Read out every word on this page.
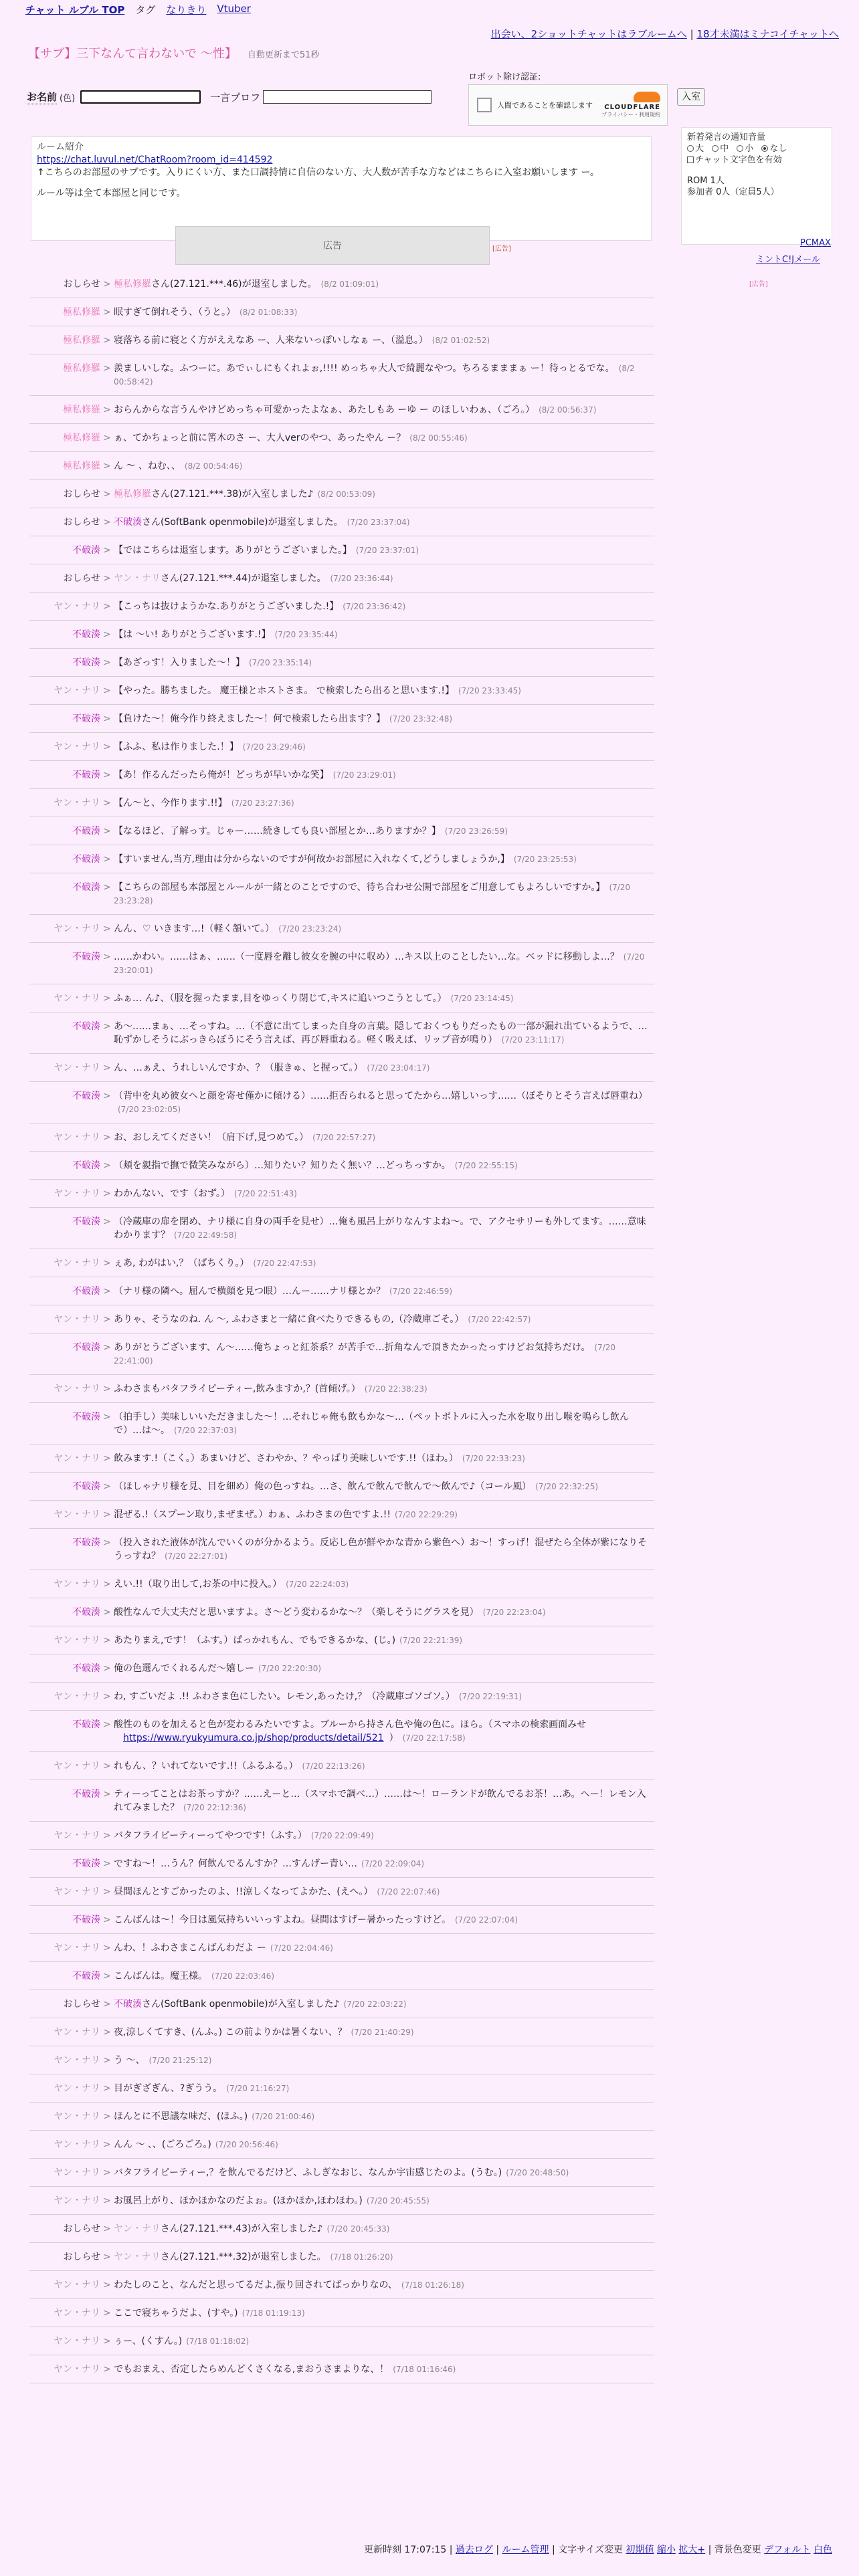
チャット ルブル TOP タグ なりきり Vtuber
出会い、2ショットチャットはラブルームへ | 18才未満はミナコイチャットへ
【サブ】三下なんて言わないで ～性】 自動更新まで51秒
ロボット除け認証:
お名前 (色)	一言プロフ
人間であることを確認します	CLOUDFLARE
プライバシー・利用規約
入室
ルーム紹介
https://chat.luvul.net/ChatRoom?room_id=414592
↑こちらのお部屋のサブです。入りにくい方、また口調持情に自信のない方、大人数が苦手な方などはこちらに入室お願いします ー。
ルール等は全て本部屋と同じです。
新着発言の通知音量
大 中 小 なし
チャット文字色を有効
ROM 1人
参加者 0人（定員5人）
PCMAX
ミントC!Jメール
[広告]
広告	[広告]
おしらせ > 極私修羅さん(27.121.***.46)が退室しました。 (8/2 01:09:01)
極私修羅 > 眠すぎて倒れそう、（うと。） (8/2 01:08:33)
極私修羅 > 寝落ちる前に寝とく方がええなあ ー、人来ないっぽいしなぁ ー、（溢息。） (8/2 01:02:52)
極私修羅 > 羨ましいしな。ふつーに。あでぃしにもくれよぉ,!!!! めっちゃ大人で綺麗なやつ。ちろるまままぁ ー！待っとるでな。 (8/2 00:58:42)
極私修羅 > おらんからな言うんやけどめっちゃ可愛かったよなぁ、あたしもあ ーゆ ー のほしいわぁ、（ごろ。） (8/2 00:56:37)
極私修羅 > ぁ、てかちょっと前に筈木のさ ー、大人verのやつ、あったやん ー？ (8/2 00:55:46)
極私修羅 > ん ～ 、ねむ、、 (8/2 00:54:46)
おしらせ > 極私修羅さん(27.121.***.38)が入室しました♪ (8/2 00:53:09)
おしらせ > 不破湊さん(SoftBank openmobile)が退室しました。 (7/20 23:37:04)
不破湊 > 【ではこちらは退室します。ありがとうございました。】 (7/20 23:37:01)
おしらせ > ヤン・ナリさん(27.121.***.44)が退室しました。 (7/20 23:36:44)
ヤン・ナリ > 【こっちは抜けようかな.ありがとうございました.!】 (7/20 23:36:42)
不破湊 > 【は ～い! ありがとうございます.!】 (7/20 23:35:44)
不破湊 > 【あざっす！入りました〜！】 (7/20 23:35:14)
ヤン・ナリ > 【やった。勝ちました。 魔王様とホストさま。 で検索したら出ると思います.!】 (7/20 23:33:45)
不破湊 > 【負けた〜！俺今作り終えました〜！何で検索したら出ます？】 (7/20 23:32:48)
ヤン・ナリ > 【ふふ、私は作りました.！】 (7/20 23:29:46)
不破湊 > 【あ！作るんだったら俺が！どっちが早いかな笑】 (7/20 23:29:01)
ヤン・ナリ > 【ん～と、今作ります.!!】 (7/20 23:27:36)
不破湊 > 【なるほど、了解っす。じゃー……続きしても良い部屋とか…ありますか？】 (7/20 23:26:59)
不破湊 > 【すいません,当方,理由は分からないのですが何故かお部屋に入れなくて,どうしましょうか,】 (7/20 23:25:53)
不破湊 > 【こちらの部屋も本部屋とルールが一緒とのことですので、待ち合わせ公開で部屋をご用意してもよろしいですか。】 (7/20 23:23:28)
ヤン・ナリ > んん、♡ いきます…!（軽く頷いて。） (7/20 23:23:24)
不破湊 > ……かわい。……はぁ、……（一度唇を離し彼女を腕の中に収め）…キス以上のことしたい…な。ベッドに移動しよ…？ (7/20 23:20:01)
ヤン・ナリ > ふぁ… ん♪、（服を握ったまま,目をゆっくり閉じて,キスに追いつこうとして。） (7/20 23:14:45)
不破湊 > あ〜……まぁ、…そっすね。…（不意に出てしまった自身の言葉。隠しておくつもりだったもの一部が漏れ出ているようで、…恥ずかしそうにぶっきらぼうにそう言えば、再び唇重ねる。軽く吸えば、リップ音が鳴り） (7/20 23:11:17)
ヤン・ナリ > ん、…ぁえ、うれしいんですか、？（服きゅ、と握って。） (7/20 23:04:17)
不破湊 > （背中を丸め彼女へと顔を寄せ僅かに傾ける）……拒否られると思ってたから…嬉しいっす……（ぼそりとそう言えば唇重ね）(7/20 23:02:05)
ヤン・ナリ > お、おしえてください！（肩下げ,見つめて。） (7/20 22:57:27)
不破湊 > （頬を親指で撫で微笑みながら）…知りたい？知りたく無い？…どっちっすか。 (7/20 22:55:15)
ヤン・ナリ > わかんない、です（おず。） (7/20 22:51:43)
不破湊 > （冷蔵庫の扉を閉め、ナリ様に自身の両手を見せ）…俺も風呂上がりなんすよね〜。で、アクセサリーも外してます。……意味わかります？ (7/20 22:49:58)
ヤン・ナリ > ぇあ, わがはい,？（ぱちくり。） (7/20 22:47:53)
不破湊 > （ナリ様の隣へ。屈んで横顔を見つ眼）…んー……ナリ様とか？ (7/20 22:46:59)
ヤン・ナリ > ありゃ、そうなのね. ん ～, ふわさまと一緒に食べたりできるもの,（冷蔵庫ごそ。） (7/20 22:42:57)
不破湊 > ありがとうございます、ん〜……俺ちょっと紅茶系？が苦手で…折角なんで頂きたかったっすけどお気持ちだけ。 (7/20 22:41:00)
ヤン・ナリ > ふわさまもバタフライピーティー,飲みますか,？(首傾げ。） (7/20 22:38:23)
不破湊 > （拍手し）美味しいいただきました〜！…それじゃ俺も飲もかな〜…（ペットボトルに入った水を取り出し喉を鳴らし飲んで）…は〜。 (7/20 22:37:03)
ヤン・ナリ > 飲みます.!（こく。）あまいけど、さわやか、？やっぱり美味しいです.!!（ほわ。） (7/20 22:33:23)
不破湊 > （ほしゃナリ様を見、目を細め）俺の色っすね。…さ、飲んで飲んで飲んで〜飲んで♪（コール風） (7/20 22:32:25)
ヤン・ナリ > 混ぜる.!（スプーン取り,まぜまぜ。）わぁ、ふわさまの色ですよ.!! (7/20 22:29:29)
不破湊 > （投入された液体が沈んでいくのが分かるよう。反応し色が鮮やかな青から紫色へ）お〜！すっげ！混ぜたら全体が紫になりそうっすね？ (7/20 22:27:01)
ヤン・ナリ > えい.!!（取り出して,お茶の中に投入。） (7/20 22:24:03)
不破湊 > 酸性なんで大丈夫だと思いますよ。さ〜どう変わるかな〜？（楽しそうにグラスを見） (7/20 22:23:04)
ヤン・ナリ > あたりまえ,です！（ふす。）ぱっかれもん、でもできるかな、(じ。) (7/20 22:21:39)
不破湊 > 俺の色選んでくれるんだ〜嬉しー (7/20 22:20:30)
ヤン・ナリ > わ, すごいだよ .!! ふわさま色にしたい。レモン,あったけ,？（冷蔵庫ゴソゴソ。） (7/20 22:19:31)
不破湊 > 酸性のものを加えると色が変わるみたいですよ。ブルーから持さん色や俺の色に。ほら。（スマホの検索画面みせhttps://www.ryukyumura.co.jp/shop/products/detail/521 ） (7/20 22:17:58)
ヤン・ナリ > れもん、？いれてないです.!!（ふるふる。） (7/20 22:13:26)
不破湊 > ティーってことはお茶っすか？……えーと…（スマホで調べ…）……は〜！ローランドが飲んでるお茶！…あ。へー！レモン入れてみました？ (7/20 22:12:36)
ヤン・ナリ > バタフライピーティーってやつです!（ふす。） (7/20 22:09:49)
不破湊 > ですね〜！…うん？何飲んでるんすか？…すんげー青い… (7/20 22:09:04)
ヤン・ナリ > 昼間ほんとすごかったのよ、!!涼しくなってよかた、(えへ。） (7/20 22:07:46)
不破湊 > こんばんは〜！今日は風気持ちいいっすよね。昼間はすげー暑かったっすけど。 (7/20 22:07:04)
ヤン・ナリ > んわ、！ふわさまこんばんわだよ ー (7/20 22:04:46)
不破湊 > こんばんは。魔王様。 (7/20 22:03:46)
おしらせ > 不破湊さん(SoftBank openmobile)が入室しました♪ (7/20 22:03:22)
ヤン・ナリ > 夜,涼しくてすき、(んふ。) この前よりかは暑くない、？ (7/20 21:40:29)
ヤン・ナリ > う ～、 (7/20 21:25:12)
ヤン・ナリ > 目がぎざぎん、?ぎうう。 (7/20 21:16:27)
ヤン・ナリ > ほんとに不思議な味だ、(ほふ。) (7/20 21:00:46)
ヤン・ナリ > んん ～ 、、(ごろごろ。) (7/20 20:56:46)
ヤン・ナリ > バタフライピーティー,？を飲んでるだけど、ふしぎなおじ、なんか宇宙感じたのよ。(うむ。) (7/20 20:48:50)
ヤン・ナリ > お風呂上がり、ほかほかなのだよぉ。(ほかほか,ほわほわ。) (7/20 20:45:55)
おしらせ > ヤン・ナリさん(27.121.***.43)が入室しました♪ (7/20 20:45:33)
おしらせ > ヤン・ナリさん(27.121.***.32)が退室しました。 (7/18 01:26:20)
ヤン・ナリ > わたしのこと、なんだと思ってるだよ,振り回されてばっかりなの、 (7/18 01:26:18)
ヤン・ナリ > ここで寝ちゃうだよ、(すや。) (7/18 01:19:13)
ヤン・ナリ > ぅー、(くすん。) (7/18 01:18:02)
ヤン・ナリ > でもおまえ、否定したらめんどくさくなる,まおうさまよりな、！ (7/18 01:16:46)
更新時刻 17:07:15 | 過去ログ | ルーム管理 | 文字サイズ変更 初期値 縮小 拡大+ | 背景色変更 デフォルト 白色
